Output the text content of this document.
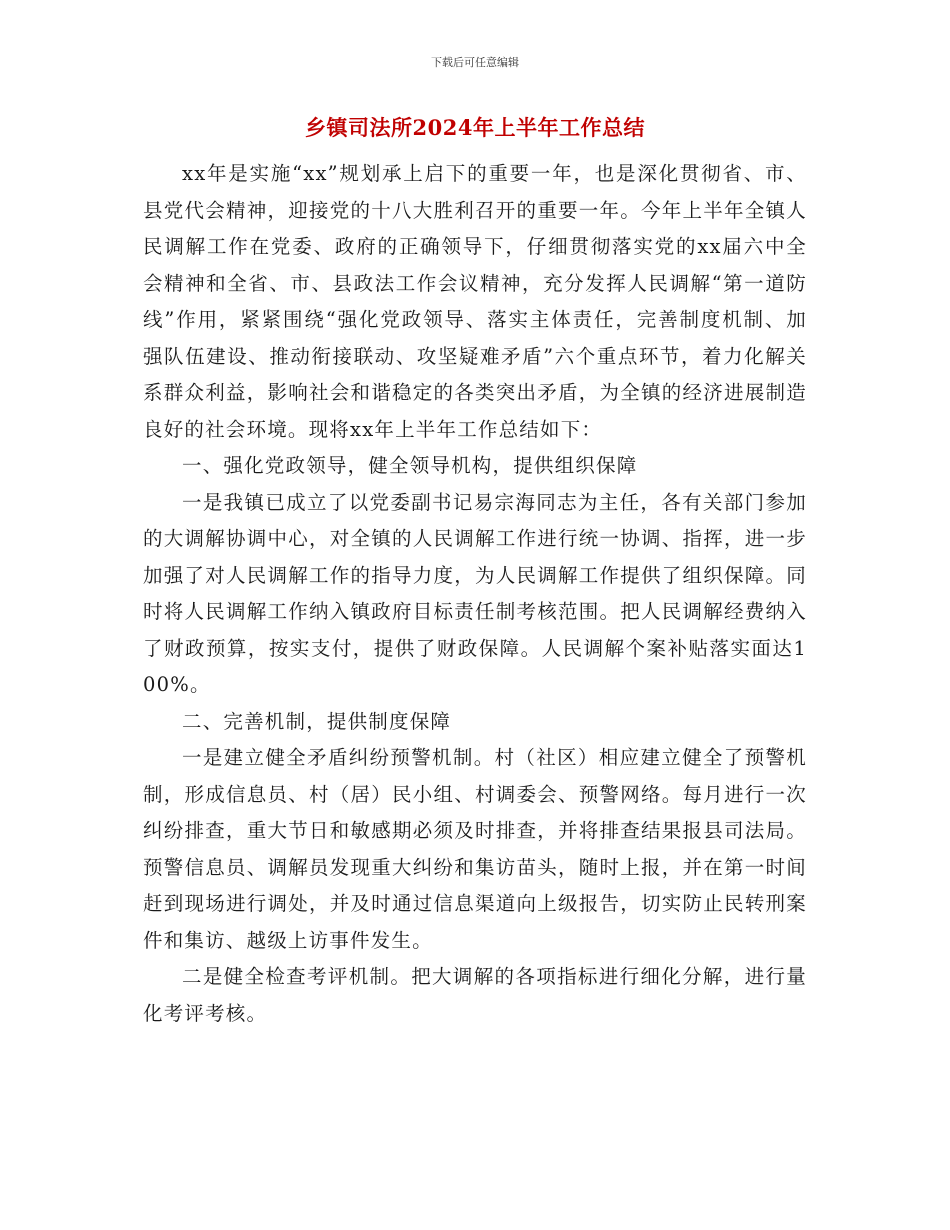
下载后可任意编辑
乡镇司法所2024年上半年工作总结

xx年是实施“xx”规划承上启下的重要一年，也是深化贯彻省、市、县党代会精神，迎接党的十八大胜利召开的重要一年。今年上半年全镇人民调解工作在党委、政府的正确领导下，仔细贯彻落实党的xx届六中全会精神和全省、市、县政法工作会议精神，充分发挥人民调解“第一道防线”作用，紧紧围绕“强化党政领导、落实主体责任，完善制度机制、加强队伍建设、推动衔接联动、攻坚疑难矛盾”六个重点环节，着力化解关系群众利益，影响社会和谐稳定的各类突出矛盾，为全镇的经济进展制造良好的社会环境。现将xx年上半年工作总结如下：

一、强化党政领导，健全领导机构，提供组织保障

一是我镇已成立了以党委副书记易宗海同志为主任，各有关部门参加的大调解协调中心，对全镇的人民调解工作进行统一协调、指挥，进一步加强了对人民调解工作的指导力度，为人民调解工作提供了组织保障。同时将人民调解工作纳入镇政府目标责任制考核范围。把人民调解经费纳入了财政预算，按实支付，提供了财政保障。人民调解个案补贴落实面达100%。

二、完善机制，提供制度保障

一是建立健全矛盾纠纷预警机制。村（社区）相应建立健全了预警机制，形成信息员、村（居）民小组、村调委会、预警网络。每月进行一次纠纷排查，重大节日和敏感期必须及时排查，并将排查结果报县司法局。预警信息员、调解员发现重大纠纷和集访苗头，随时上报，并在第一时间赶到现场进行调处，并及时通过信息渠道向上级报告，切实防止民转刑案件和集访、越级上访事件发生。

二是健全检查考评机制。把大调解的各项指标进行细化分解，进行量化考评考核。
